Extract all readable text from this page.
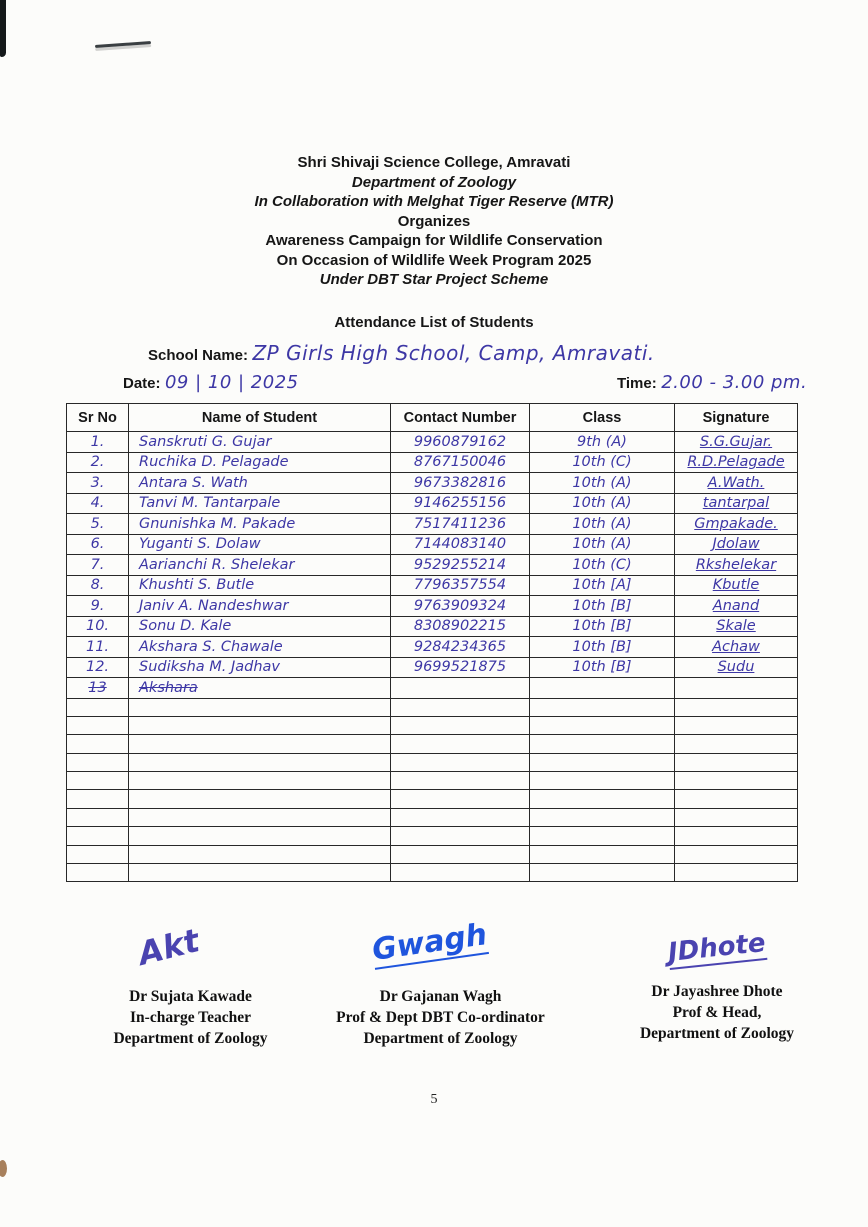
Shri Shivaji Science College, Amravati
Department of Zoology
In Collaboration with Melghat Tiger Reserve (MTR)
Organizes
Awareness Campaign for Wildlife Conservation
On Occasion of Wildlife Week Program 2025
Under DBT Star Project Scheme
Attendance List of Students
School Name: ZP Girls High School, Camp, Amravati.
Date: 09 | 10 | 2025	Time: 2.00 - 3.00 pm.
Sr No	Name of Student	Contact Number	Class	Signature
1.	Sanskruti G. Gujar	9960879162	9th (A)	S.G.Gujar.
2.	Ruchika D. Pelagade	8767150046	10th (C)	R.D.Pelagade
3.	Antara S. Wath	9673382816	10th (A)	A.Wath.
4.	Tanvi M. Tantarpale	9146255156	10th (A)	tantarpal
5.	Gnunishka M. Pakade	7517411236	10th (A)	Gmpakade.
6.	Yuganti S. Dolaw	7144083140	10th (A)	Jdolaw
7.	Aarianchi R. Shelekar	9529255214	10th (C)	Rkshelekar
8.	Khushti S. Butle	7796357554	10th [A]	Kbutle
9.	Janiv A. Nandeshwar	9763909324	10th [B]	Anand
10.	Sonu D. Kale	8308902215	10th [B]	Skale
11.	Akshara S. Chawale	9284234365	10th [B]	Achaw
12.	Sudiksha M. Jadhav	9699521875	10th [B]	Sudu
13	Akshara			

Akt	Gwagh	JDhote
Dr Sujata Kawade
In-charge Teacher
Department of Zoology
Dr Gajanan Wagh
Prof & Dept DBT Co-ordinator
Department of Zoology
Dr Jayashree Dhote
Prof & Head,
Department of Zoology
5
